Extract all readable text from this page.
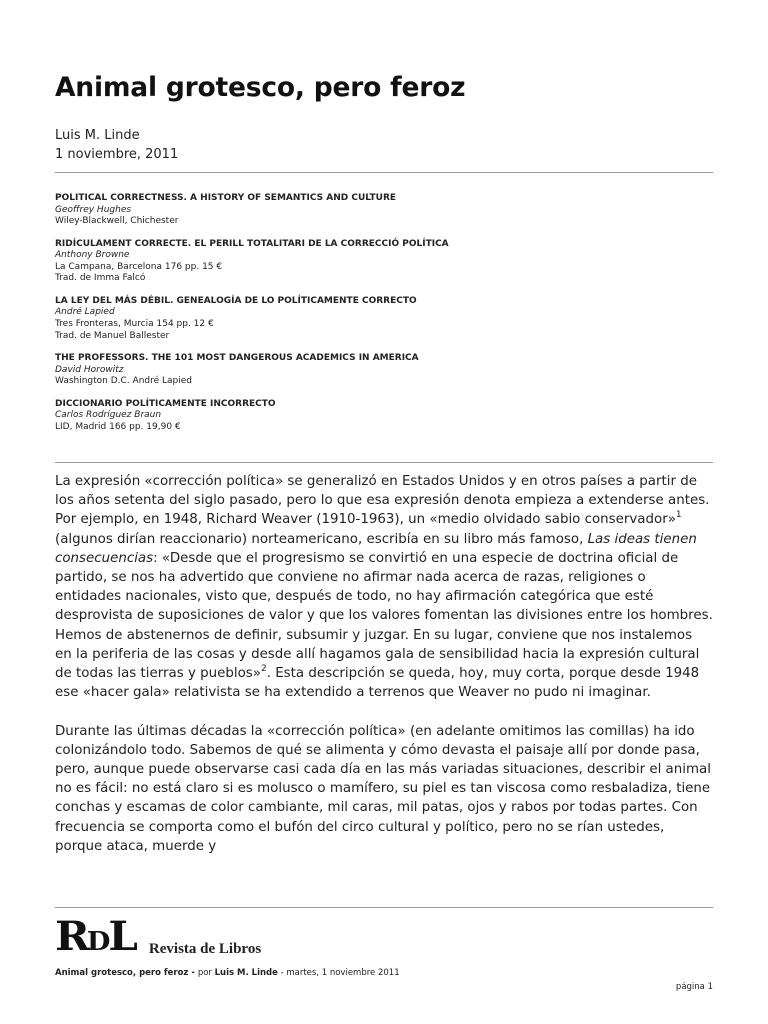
Animal grotesco, pero feroz
Luis M. Linde
1 noviembre, 2011
POLITICAL CORRECTNESS. A HISTORY OF SEMANTICS AND CULTURE
Geoffrey Hughes
Wiley-Blackwell, Chichester
RIDÍCULAMENT CORRECTE. EL PERILL TOTALITARI DE LA CORRECCIÓ POLÍTICA
Anthony Browne
La Campana, Barcelona 176 pp. 15 €
Trad. de Imma Falcó
LA LEY DEL MÁS DÉBIL. GENEALOGÍA DE LO POLÍTICAMENTE CORRECTO
André Lapied
Tres Fronteras, Murcia 154 pp. 12 €
Trad. de Manuel Ballester
THE PROFESSORS. THE 101 MOST DANGEROUS ACADEMICS IN AMERICA
David Horowitz
Washington D.C. André Lapied
DICCIONARIO POLÍTICAMENTE INCORRECTO
Carlos Rodríguez Braun
LID, Madrid 166 pp. 19,90 €

La expresión «corrección política» se generalizó en Estados Unidos y en otros países a partir de los años setenta del siglo pasado, pero lo que esa expresión denota empieza a extenderse antes. Por ejemplo, en 1948, Richard Weaver (1910-1963), un «medio olvidado sabio conservador»$^1$ (algunos dirían reaccionario) norteamericano, escribía en su libro más famoso, Las ideas tienen consecuencias: «Desde que el progresismo se convirtió en una especie de doctrina oficial de partido, se nos ha advertido que conviene no afirmar nada acerca de razas, religiones o entidades nacionales, visto que, después de todo, no hay afirmación categórica que esté desprovista de suposiciones de valor y que los valores fomentan las divisiones entre los hombres. Hemos de abstenernos de definir, subsumir y juzgar. En su lugar, conviene que nos instalemos en la periferia de las cosas y desde allí hagamos gala de sensibilidad hacia la expresión cultural de todas las tierras y pueblos»$^2$. Esta descripción se queda, hoy, muy corta, porque desde 1948 ese «hacer gala» relativista se ha extendido a terrenos que Weaver no pudo ni imaginar.

Durante las últimas décadas la «corrección política» (en adelante omitimos las comillas) ha ido colonizándolo todo. Sabemos de qué se alimenta y cómo devasta el paisaje allí por donde pasa, pero, aunque puede observarse casi cada día en las más variadas situaciones, describir el animal no es fácil: no está claro si es molusco o mamífero, su piel es tan viscosa como resbaladiza, tiene conchas y escamas de color cambiante, mil caras, mil patas, ojos y rabos por todas partes. Con frecuencia se comporta como el bufón del circo cultural y político, pero no se rían ustedes, porque ataca, muerde y

RDL Revista de Libros
Animal grotesco, pero feroz - por Luis M. Linde - martes, 1 noviembre 2011
página 1
